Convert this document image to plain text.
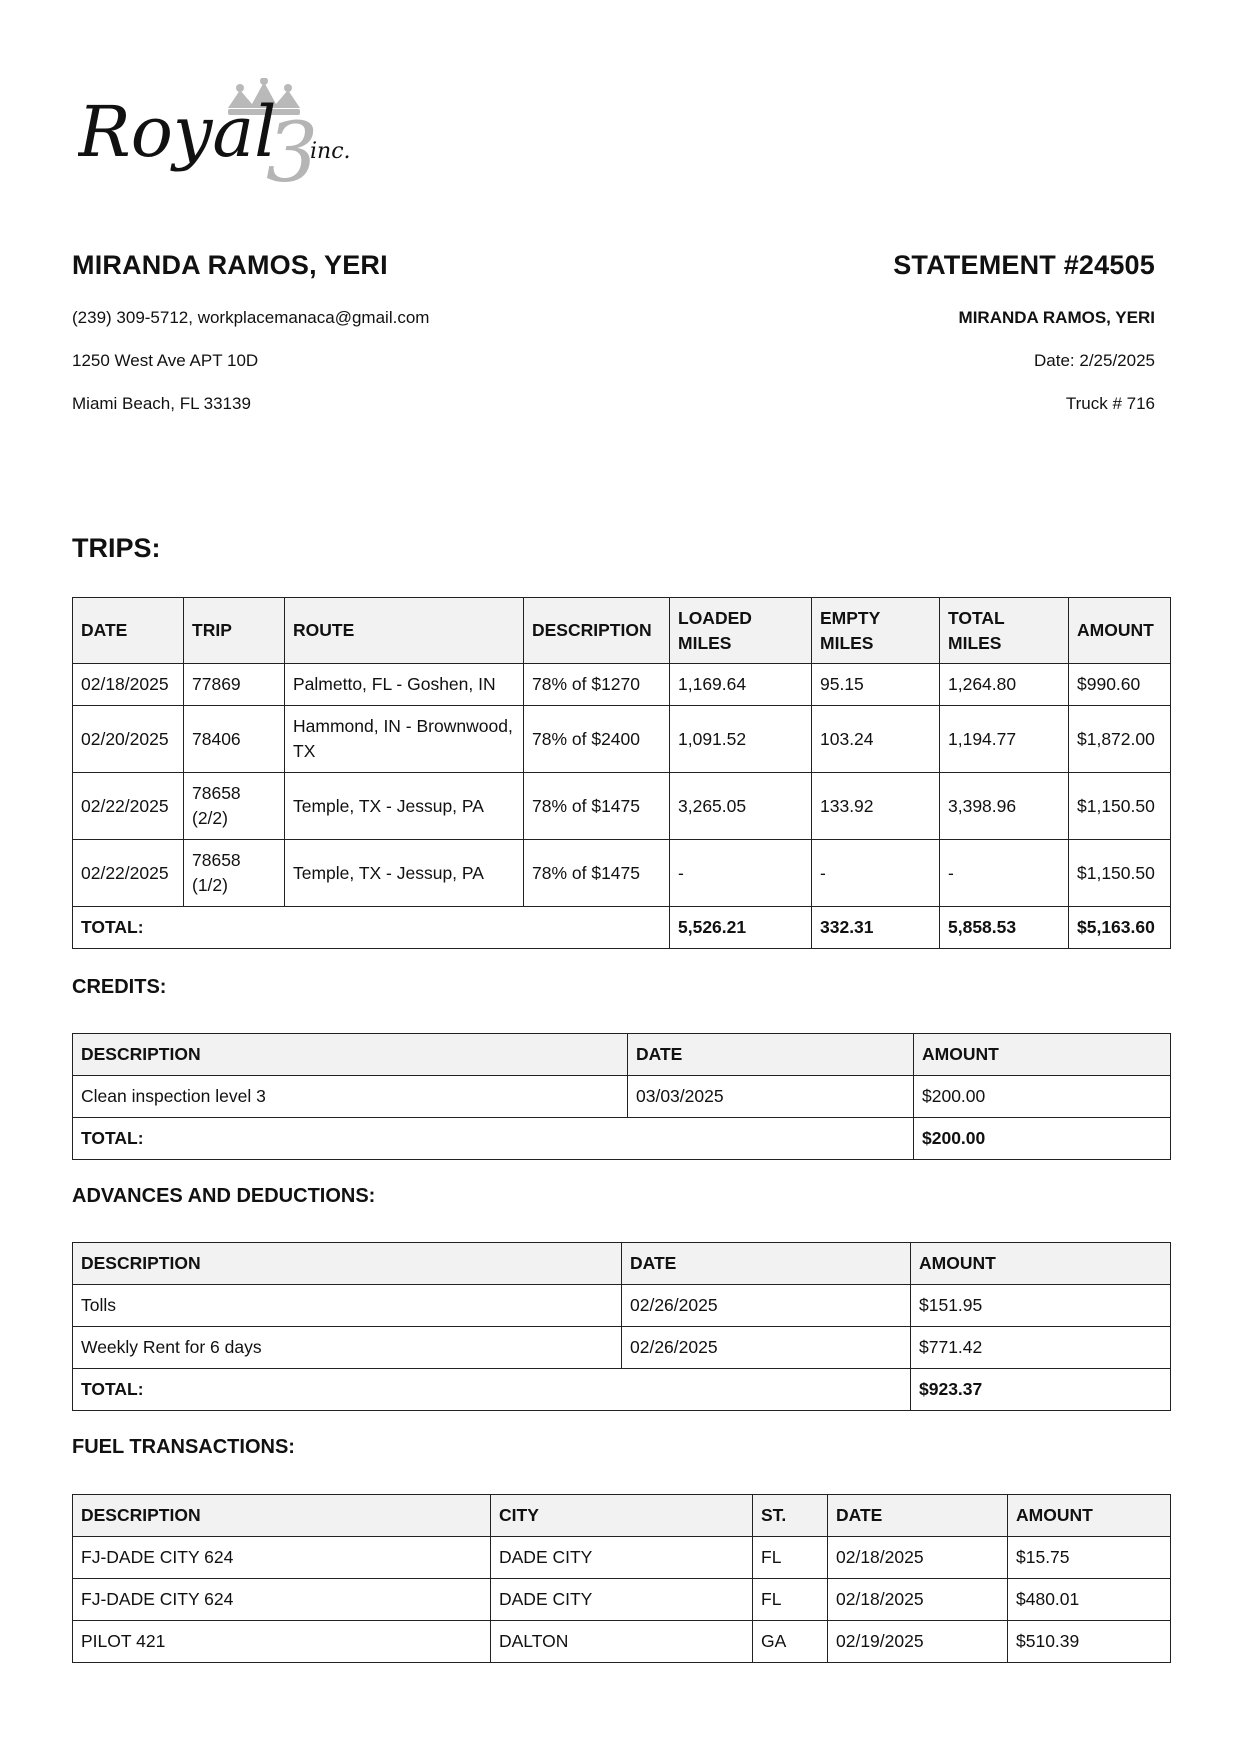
Royal
3
inc.

MIRANDA RAMOS, YERI

(239) 309-5712, workplacemanaca@gmail.com

1250 West Ave APT 10D

Miami Beach, FL 33139

STATEMENT #24505

MIRANDA RAMOS, YERI

Date: 2/25/2025

Truck # 716

TRIPS:

DATE	TRIP	ROUTE	DESCRIPTION	LOADED MILES	EMPTY MILES	TOTAL MILES	AMOUNT
02/18/2025	77869	Palmetto, FL - Goshen, IN	78% of $1270	1,169.64	95.15	1,264.80	$990.60
02/20/2025	78406	Hammond, IN - Brownwood, TX	78% of $2400	1,091.52	103.24	1,194.77	$1,872.00
02/22/2025	78658 (2/2)	Temple, TX - Jessup, PA	78% of $1475	3,265.05	133.92	3,398.96	$1,150.50
02/22/2025	78658 (1/2)	Temple, TX - Jessup, PA	78% of $1475	-	-	-	$1,150.50
TOTAL:				5,526.21	332.31	5,858.53	$5,163.60

CREDITS:

DESCRIPTION	DATE	AMOUNT
Clean inspection level 3	03/03/2025	$200.00
TOTAL:		$200.00

ADVANCES AND DEDUCTIONS:

DESCRIPTION	DATE	AMOUNT
Tolls	02/26/2025	$151.95
Weekly Rent for 6 days	02/26/2025	$771.42
TOTAL:		$923.37

FUEL TRANSACTIONS:

DESCRIPTION	CITY	ST.	DATE	AMOUNT
FJ-DADE CITY 624	DADE CITY	FL	02/18/2025	$15.75
FJ-DADE CITY 624	DADE CITY	FL	02/18/2025	$480.01
PILOT 421	DALTON	GA	02/19/2025	$510.39
